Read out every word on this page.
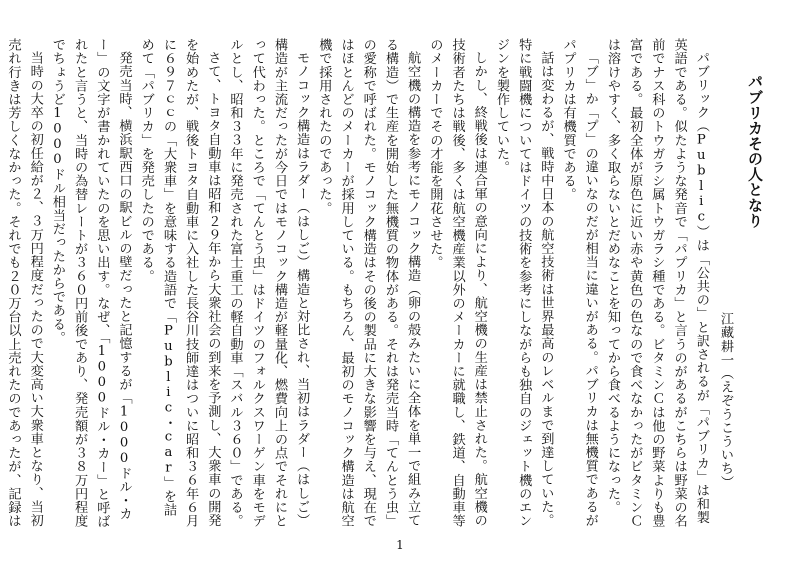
パブリカその人となり

江藏耕一（えぞうこういち）

パブリック（Public）は「公共の」と訳されるが「パブリカ」は和製英語である。似たような発音で「パプリカ」と言うのがあるがこちらは野菜の名前でナス科のトウガラシ属トウガラシ種である。ビタミンＣは他の野菜よりも豊富である。最初全体が原色に近い赤や黄色の色なので食べなかったがビタミンＣは溶けやすく、多く取らないとだめなことを知ってから食べるようになった。

「ブ」か「プ」の違いなのだが相当に違いがある。パブリカは無機質であるがパプリカは有機質である。

話は変わるが、戦時中日本の航空技術は世界最高のレベルまで到達していた。特に戦闘機についてはドイツの技術を参考にしながらも独自のジェット機のエンジンを製作していた。

しかし、終戦後は連合軍の意向により、航空機の生産は禁止された。航空機の技術者たちは戦後、多くは航空機産業以外のメーカーに就職し、鉄道、自動車等のメーカーでその才能を開花させた。

航空機の構造を参考にモノコック構造（卵の殻みたいに全体を単一で組み立てる構造）で生産を開始した無機質の物体がある。それは発売当時「てんとう虫」の愛称で呼ばれた。モノコック構造はその後の製品に大きな影響を与え、現在ではほとんどのメーカーが採用している。もちろん、最初のモノコック構造は航空機で採用されたのであった。

モノコック構造はラダー（はしご）構造と対比され、当初はラダー（はしご）構造が主流だったが今日ではモノコック構造が軽量化、燃費向上の点でそれにとって代わった。ところで「てんとう虫」はドイツのフォルクスワーゲン車をモデルとし、昭和３３年に発売された富士重工の軽自動車「スバル３６０」である。

さて、トヨタ自動車は昭和２９年から大衆社会の到来を予測し、大衆車の開発を始めたが、戦後トヨタ自動車に入社した長谷川技師達はついに昭和３６年６月に６９７ｃｃの「大衆車」を意味する造語で「Public・car」を詰めて「パブリカ」を発売したのである。

発売当時、横浜駅西口の駅ビルの壁だったと記憶するが「1000ドル・カー」の文字が書かれていたのを思い出す。なぜ、「1000ドル・カー」と呼ばれたと言うと、当時の為替レートが３６０円前後であり、発売額が３８万円程度でちょうど1000ドル相当だったからである。

当時の大卒の初任給が２、３万円程度だったので大変高い大衆車となり、当初売れ行きは芳しくなかった。それでも２０万台以上売れたのであったが、記録は

1
